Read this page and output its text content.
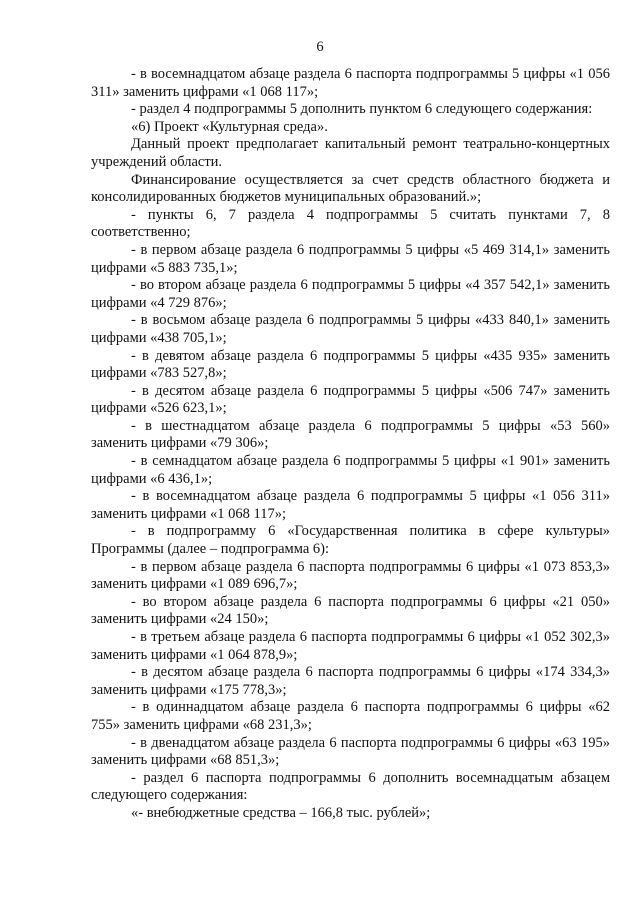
6

- в восемнадцатом абзаце раздела 6 паспорта подпрограммы 5 цифры «1 056 311» заменить цифрами «1 068 117»;

- раздел 4 подпрограммы 5 дополнить пунктом 6 следующего содержания:

«6) Проект «Культурная среда».

Данный проект предполагает капитальный ремонт театрально-концертных учреждений области.

Финансирование осуществляется за счет средств областного бюджета и консолидированных бюджетов муниципальных образований.»;

- пункты 6, 7 раздела 4 подпрограммы 5 считать пунктами 7, 8 соответственно;

- в первом абзаце раздела 6 подпрограммы 5 цифры «5 469 314,1» заменить цифрами «5 883 735,1»;

- во втором абзаце раздела 6 подпрограммы 5 цифры «4 357 542,1» заменить цифрами «4 729 876»;

- в восьмом абзаце раздела 6 подпрограммы 5 цифры «433 840,1» заменить цифрами «438 705,1»;

- в девятом абзаце раздела 6 подпрограммы 5 цифры «435 935» заменить цифрами «783 527,8»;

- в десятом абзаце раздела 6 подпрограммы 5 цифры «506 747» заменить цифрами «526 623,1»;

- в шестнадцатом абзаце раздела 6 подпрограммы 5 цифры «53 560» заменить цифрами «79 306»;

- в семнадцатом абзаце раздела 6 подпрограммы 5 цифры «1 901» заменить цифрами «6 436,1»;

- в восемнадцатом абзаце раздела 6 подпрограммы 5 цифры «1 056 311» заменить цифрами «1 068 117»;

- в подпрограмму 6 «Государственная политика в сфере культуры» Программы (далее – подпрограмма 6):

- в первом абзаце раздела 6 паспорта подпрограммы 6 цифры «1 073 853,3» заменить цифрами «1 089 696,7»;

- во втором абзаце раздела 6 паспорта подпрограммы 6 цифры «21 050» заменить цифрами «24 150»;

- в третьем абзаце раздела 6 паспорта подпрограммы 6 цифры «1 052 302,3» заменить цифрами «1 064 878,9»;

- в десятом абзаце раздела 6 паспорта подпрограммы 6 цифры «174 334,3» заменить цифрами «175 778,3»;

- в одиннадцатом абзаце раздела 6 паспорта подпрограммы 6 цифры «62 755» заменить цифрами «68 231,3»;

- в двенадцатом абзаце раздела 6 паспорта подпрограммы 6 цифры «63 195» заменить цифрами «68 851,3»;

- раздел 6 паспорта подпрограммы 6 дополнить восемнадцатым абзацем следующего содержания:

«- внебюджетные средства – 166,8 тыс. рублей»;
